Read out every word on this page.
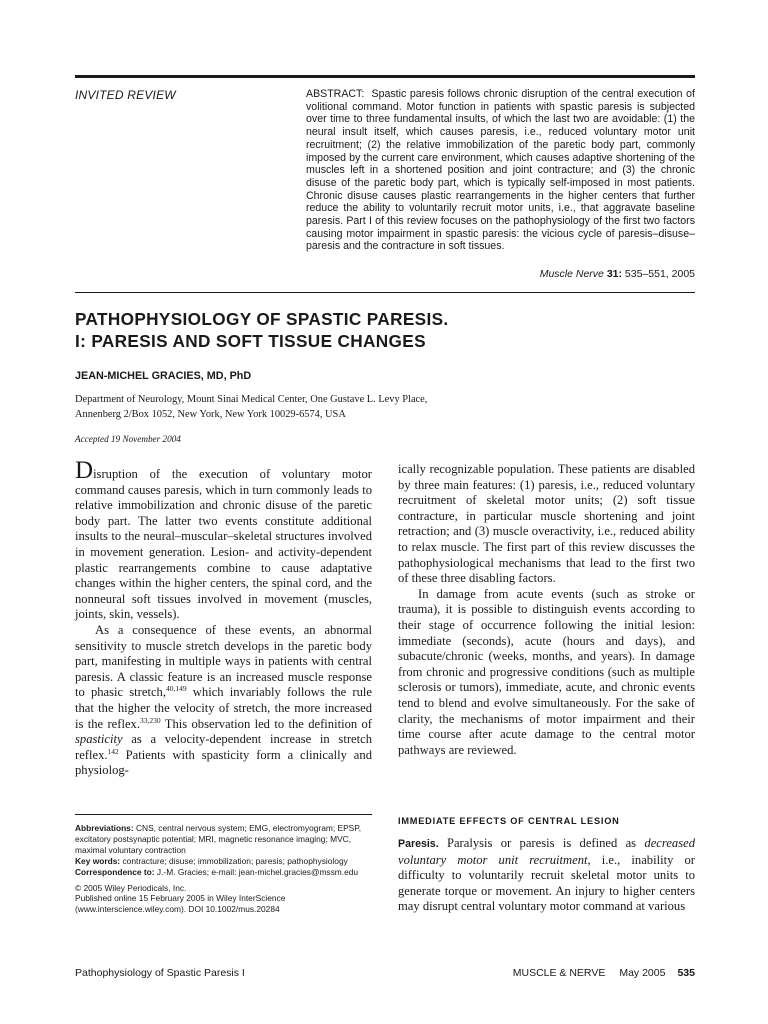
INVITED REVIEW	ABSTRACT: Spastic paresis follows chronic disruption of the central execution of volitional command. Motor function in patients with spastic paresis is subjected over time to three fundamental insults, of which the last two are avoidable: (1) the neural insult itself, which causes paresis, i.e., reduced voluntary motor unit recruitment; (2) the relative immobilization of the paretic body part, commonly imposed by the current care environment, which causes adaptive shortening of the muscles left in a shortened position and joint contracture; and (3) the chronic disuse of the paretic body part, which is typically self-imposed in most patients. Chronic disuse causes plastic rearrangements in the higher centers that further reduce the ability to voluntarily recruit motor units, i.e., that aggravate baseline paresis. Part I of this review focuses on the pathophysiology of the first two factors causing motor impairment in spastic paresis: the vicious cycle of paresis–disuse–paresis and the contracture in soft tissues.
Muscle Nerve 31: 535–551, 2005
PATHOPHYSIOLOGY OF SPASTIC PARESIS.
I: PARESIS AND SOFT TISSUE CHANGES
JEAN-MICHEL GRACIES, MD, PhD
Department of Neurology, Mount Sinai Medical Center, One Gustave L. Levy Place,
Annenberg 2/Box 1052, New York, New York 10029-6574, USA
Accepted 19 November 2004

Disruption of the execution of voluntary motor command causes paresis, which in turn commonly leads to relative immobilization and chronic disuse of the paretic body part. The latter two events constitute additional insults to the neural–muscular–skeletal structures involved in movement generation. Lesion- and activity-dependent plastic rearrangements combine to cause adaptative changes within the higher centers, the spinal cord, and the nonneural soft tissues involved in movement (muscles, joints, skin, vessels).

As a consequence of these events, an abnormal sensitivity to muscle stretch develops in the paretic body part, manifesting in multiple ways in patients with central paresis. A classic feature is an increased muscle response to phasic stretch,$^{40,149}$ which invariably follows the rule that the higher the velocity of stretch, the more increased is the reflex.$^{33,230}$ This observation led to the definition of spasticity as a velocity-dependent increase in stretch reflex.$^{142}$ Patients with spasticity form a clinically and physiolog-

ically recognizable population. These patients are disabled by three main features: (1) paresis, i.e., reduced voluntary recruitment of skeletal motor units; (2) soft tissue contracture, in particular muscle shortening and joint retraction; and (3) muscle overactivity, i.e., reduced ability to relax muscle. The first part of this review discusses the pathophysiological mechanisms that lead to the first two of these three disabling factors.

In damage from acute events (such as stroke or trauma), it is possible to distinguish events according to their stage of occurrence following the initial lesion: immediate (seconds), acute (hours and days), and subacute/chronic (weeks, months, and years). In damage from chronic and progressive conditions (such as multiple sclerosis or tumors), immediate, acute, and chronic events tend to blend and evolve simultaneously. For the sake of clarity, the mechanisms of motor impairment and their time course after acute damage to the central motor pathways are reviewed.

Abbreviations: CNS, central nervous system; EMG, electromyogram; EPSP, excitatory postsynaptic potential; MRI, magnetic resonance imaging; MVC, maximal voluntary contraction

Key words: contracture; disuse; immobilization; paresis; pathophysiology

Correspondence to: J.-M. Gracies; e-mail: jean-michel.gracies@mssm.edu

© 2005 Wiley Periodicals, Inc.

Published online 15 February 2005 in Wiley InterScience (www.interscience.wiley.com). DOI 10.1002/mus.20284

IMMEDIATE EFFECTS OF CENTRAL LESION

Paresis. Paralysis or paresis is defined as decreased voluntary motor unit recruitment, i.e., inability or difficulty to voluntarily recruit skeletal motor units to generate torque or movement. An injury to higher centers may disrupt central voluntary motor command at various

Pathophysiology of Spastic Paresis I	MUSCLE & NERVE May 2005 535
